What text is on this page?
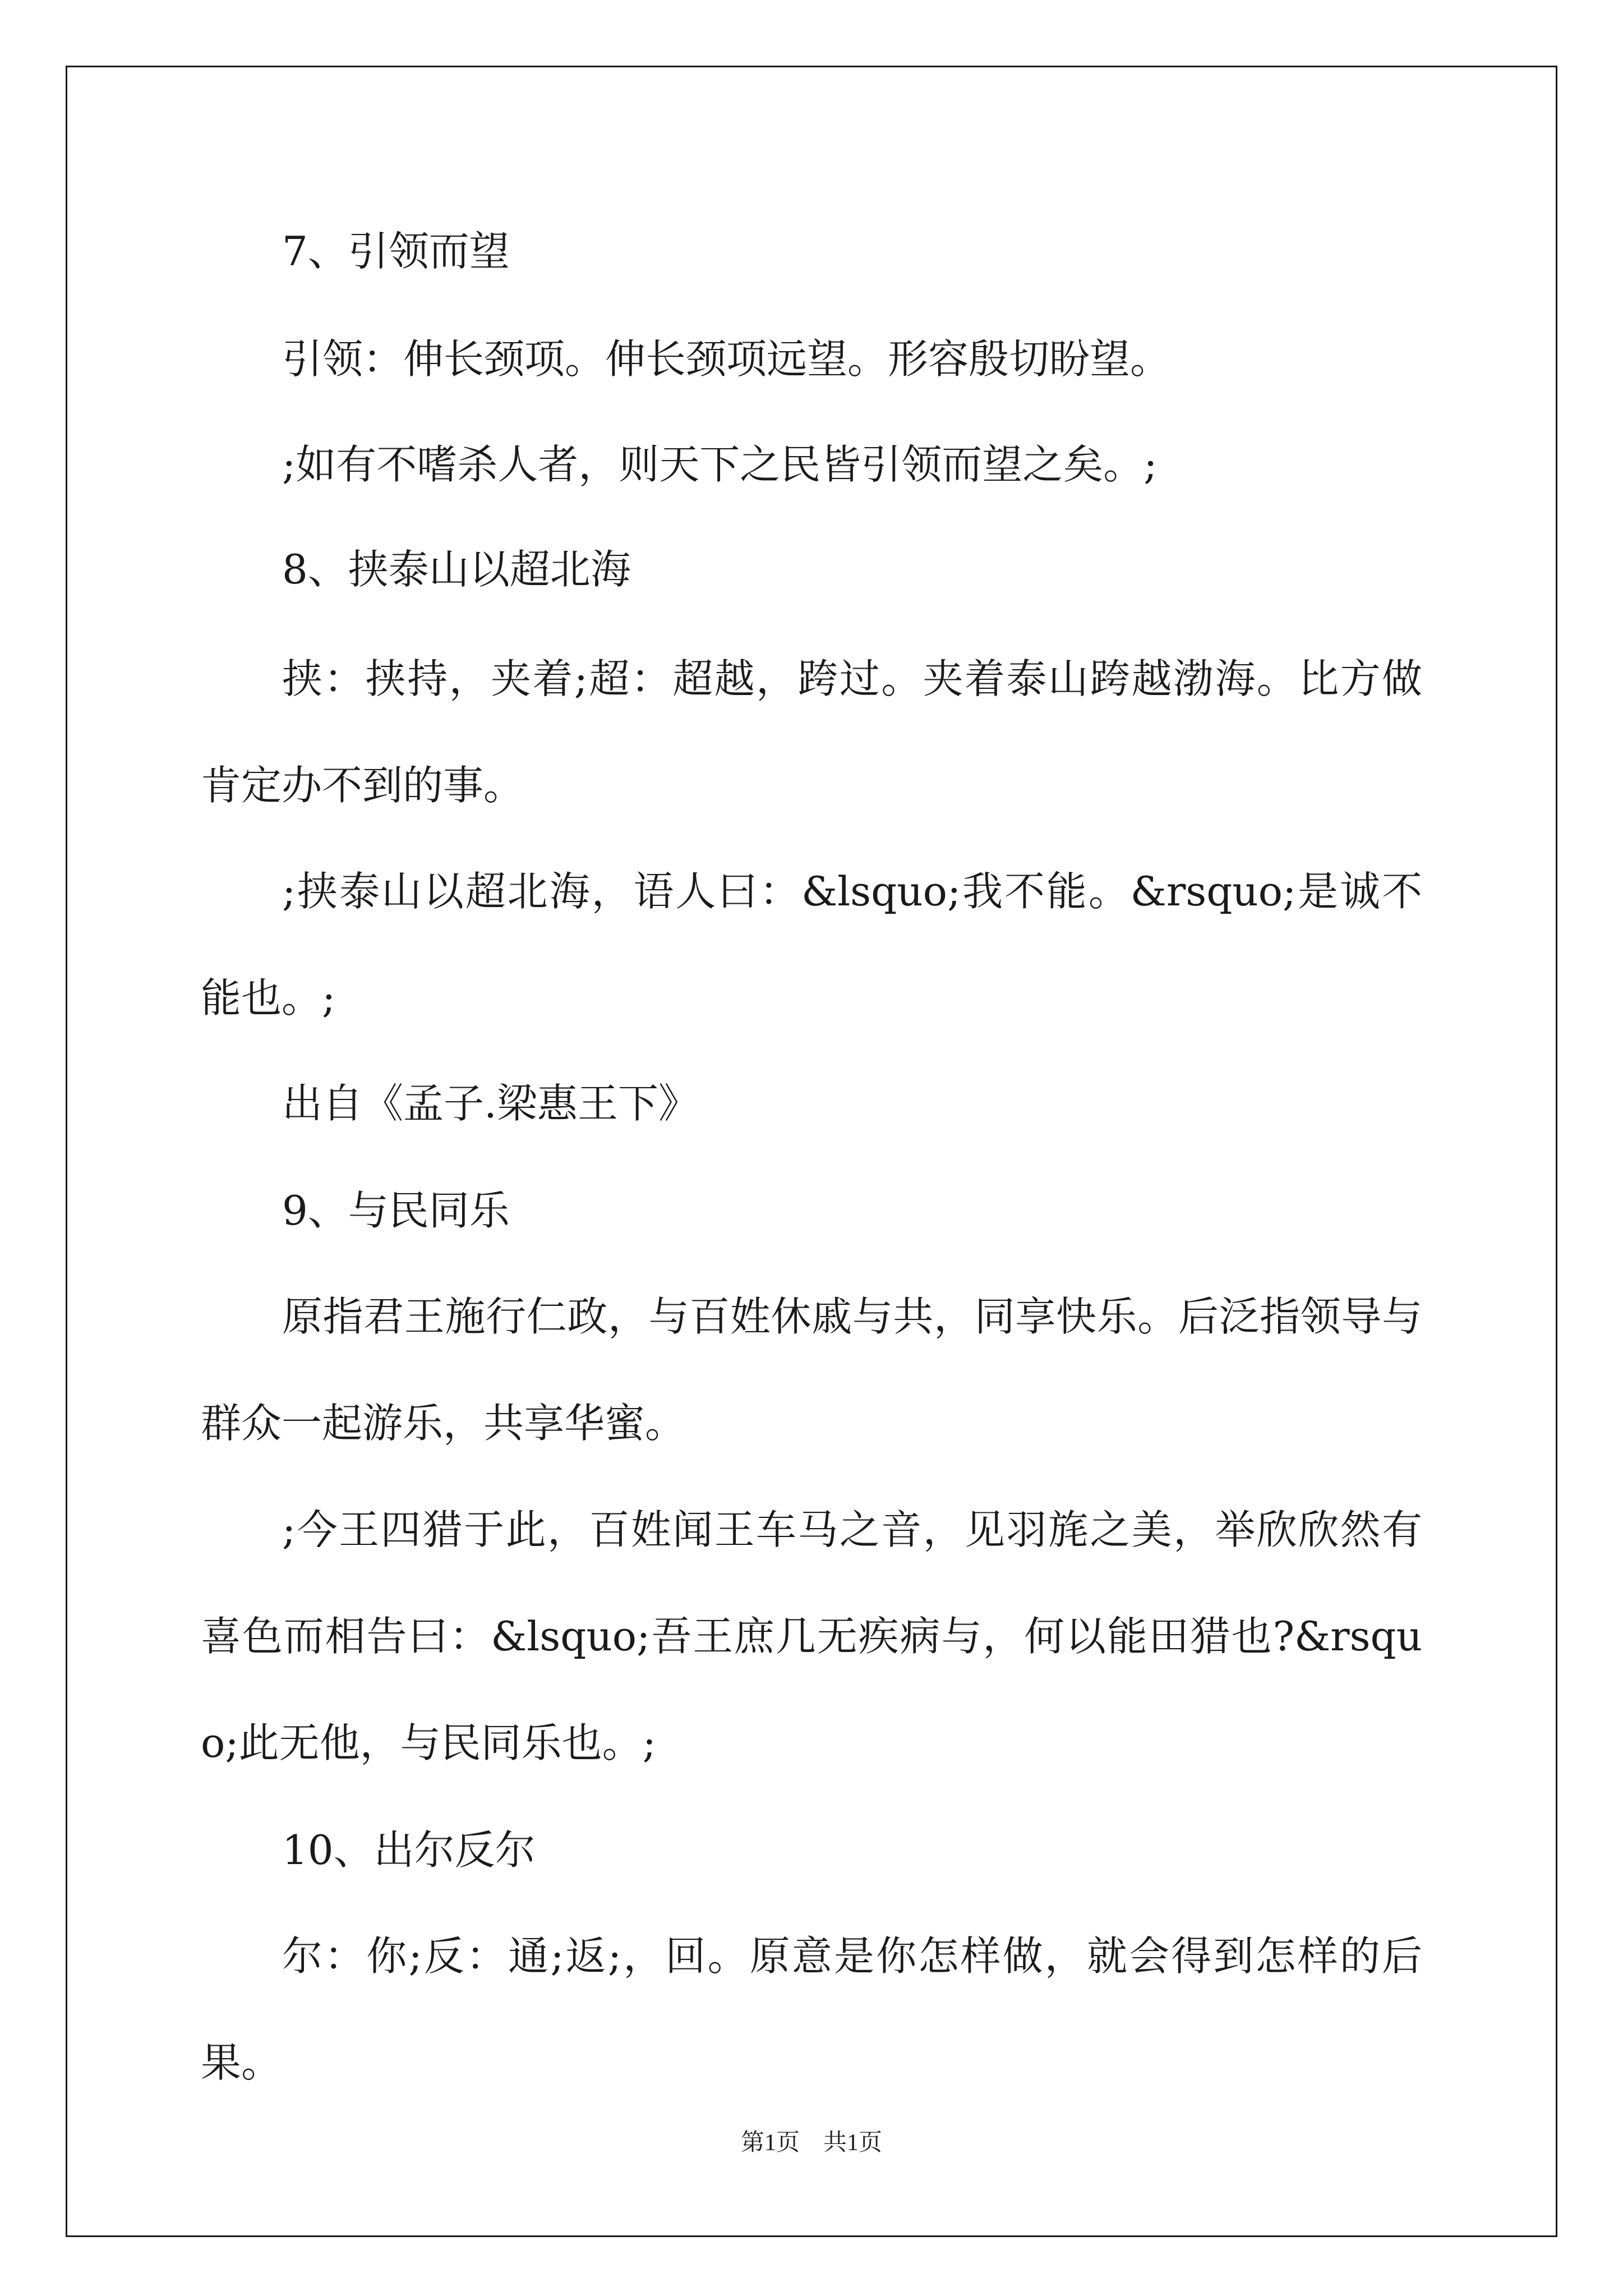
7、引领而望

引领：伸长颈项。伸长颈项远望。形容殷切盼望。

;如有不嗜杀人者，则天下之民皆引领而望之矣。;

8、挟泰山以超北海

挟：挟持，夹着;超：超越，跨过。夹着泰山跨越渤海。比方做肯定办不到的事。

;挟泰山以超北海，语人曰：&lsquo;我不能。&rsquo;是诚不能也。;

出自《孟子.梁惠王下》

9、与民同乐

原指君王施行仁政，与百姓休戚与共，同享快乐。后泛指领导与群众一起游乐，共享华蜜。

;今王四猎于此，百姓闻王车马之音，见羽旄之美，举欣欣然有喜色而相告曰：&lsquo;吾王庶几无疾病与，何以能田猎也?&rsquo;此无他，与民同乐也。;

10、出尔反尔

尔：你;反：通;返;，回。原意是你怎样做，就会得到怎样的后果。

第1页　共1页
